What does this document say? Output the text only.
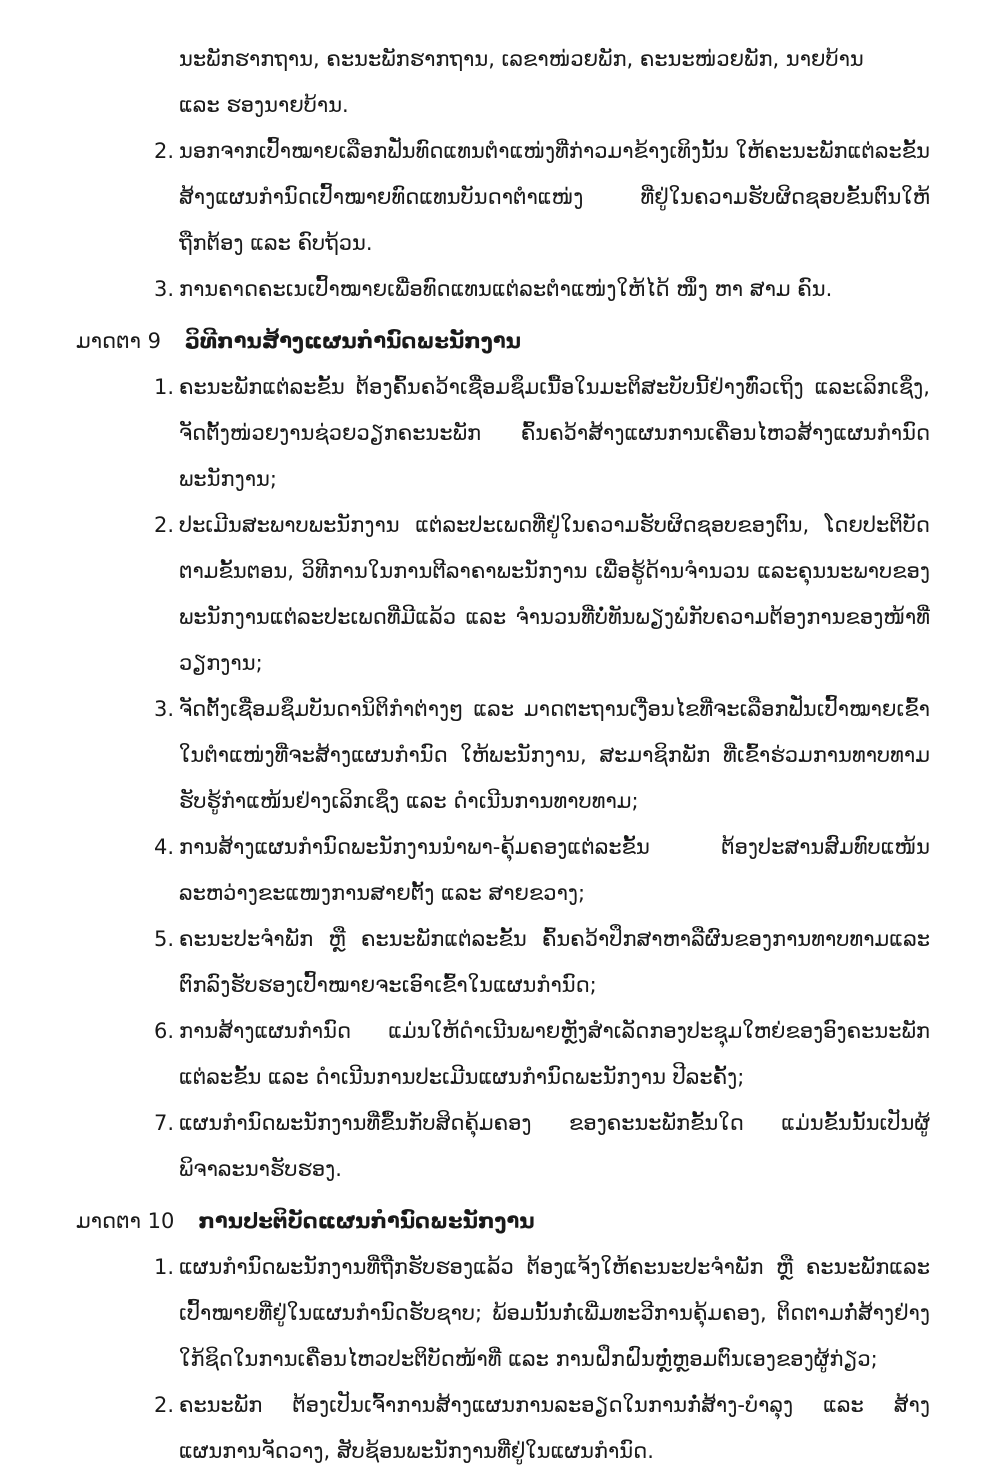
ນະພັກຮາກຖານ, ຄະນະພັກຮາກຖານ, ເລຂາໜ່ວຍພັກ, ຄະນະໜ່ວຍພັກ, ນາຍບ້ານ
ແລະ ຮອງນາຍບ້ານ.
2. ນອກຈາກເປົ້າໝາຍເລືອກຟັ່ນທົດແທນຕໍາແໜ່ງທີ່ກ່າວມາຂ້າງເທິງນັ້ນ ໃຫ້ຄະນະພັກແຕ່ລະຂັ້ນສ້າງແຜນກໍານົດເປົ້າໝາຍທົດແທນບັນດາຕໍາແໜ່ງ ທີ່ຢູ່ໃນຄວາມຮັບຜິດຊອບຂັ້ນຕົນໃຫ້ຖືກຕ້ອງ ແລະ ຄົບຖ້ວນ.
3. ການຄາດຄະເນເປົ້າໝາຍເພື່ອທົດແທນແຕ່ລະຕໍາແໜ່ງໃຫ້ໄດ້ ໜຶ່ງ ຫາ ສາມ ຄົນ.
ມາດຕາ 9	ວິທີການສ້າງແຜນກໍານົດພະນັກງານ
1. ຄະນະພັກແຕ່ລະຂັ້ນ ຕ້ອງຄົ້ນຄວ້າເຊື່ອມຊຶມເນື້ອໃນມະຕິສະບັບນີ້ຢ່າງທົ່ວເຖິງ ແລະເລິກເຊິ່ງ, ຈັດຕັ້ງໜ່ວຍງານຊ່ວຍວຽກຄະນະພັກ ຄົ້ນຄວ້າສ້າງແຜນການເຄື່ອນໄຫວສ້າງແຜນກໍານົດພະນັກງານ;
2. ປະເມີນສະພາບພະນັກງານ ແຕ່ລະປະເພດທີ່ຢູ່ໃນຄວາມຮັບຜິດຊອບຂອງຕົນ, ໂດຍປະຕິບັດຕາມຂັ້ນຕອນ, ວິທີການໃນການຕີລາຄາພະນັກງານ ເພື່ອຮູ້ດ້ານຈໍານວນ ແລະຄຸນນະພາບຂອງພະນັກງານແຕ່ລະປະເພດທີ່ມີແລ້ວ ແລະ ຈໍານວນທີ່ບໍ່ທັນພຽງພໍກັບຄວາມຕ້ອງການຂອງໜ້າທີ່ວຽກງານ;
3. ຈັດຕັ້ງເຊື່ອມຊຶມບັນດານິຕິກໍາຕ່າງໆ ແລະ ມາດຕະຖານເງື່ອນໄຂທີ່ຈະເລືອກຟັ່ນເປົ້າໝາຍເຂົ້າໃນຕໍາແໜ່ງທີ່ຈະສ້າງແຜນກໍານົດ ໃຫ້ພະນັກງານ, ສະມາຊິກພັກ ທີ່ເຂົ້າຮ່ວມການທາບທາມຮັບຮູ້ກໍາແໜ້ນຢ່າງເລິກເຊິ່ງ ແລະ ດໍາເນີນການທາບທາມ;
4. ການສ້າງແຜນກໍານົດພະນັກງານນໍາພາ-ຄຸ້ມຄອງແຕ່ລະຂັ້ນ ຕ້ອງປະສານສົມທົບແໜ້ນລະຫວ່າງຂະແໜງການສາຍຕັ້ງ ແລະ ສາຍຂວາງ;
5. ຄະນະປະຈໍາພັກ ຫຼື ຄະນະພັກແຕ່ລະຂັ້ນ ຄົ້ນຄວ້າປຶກສາຫາລືຜົນຂອງການທາບທາມແລະ ຕົກລົງຮັບຮອງເປົ້າໝາຍຈະເອົາເຂົ້າໃນແຜນກໍານົດ;
6. ການສ້າງແຜນກໍານົດ ແມ່ນໃຫ້ດໍາເນີນພາຍຫຼັງສໍາເລັດກອງປະຊຸມໃຫຍ່ຂອງອົງຄະນະພັກແຕ່ລະຂັ້ນ ແລະ ດໍາເນີນການປະເມີນແຜນກໍານົດພະນັກງານ ປີລະຄັ້ງ;
7. ແຜນກໍານົດພະນັກງານທີ່ຂຶ້ນກັບສິດຄຸ້ມຄອງ ຂອງຄະນະພັກຂັ້ນໃດ ແມ່ນຂັ້ນນັ້ນເປັນຜູ້ພິຈາລະນາຮັບຮອງ.
ມາດຕາ 10	ການປະຕິບັດແຜນກໍານົດພະນັກງານ
1. ແຜນກໍານົດພະນັກງານທີ່ຖືກຮັບຮອງແລ້ວ ຕ້ອງແຈ້ງໃຫ້ຄະນະປະຈໍາພັກ ຫຼື ຄະນະພັກແລະ ເປົ້າໝາຍທີ່ຢູ່ໃນແຜນກໍານົດຮັບຊາບ; ພ້ອມນັ້ນກໍ່ເພີ່ມທະວີການຄຸ້ມຄອງ, ຕິດຕາມກໍ່ສ້າງຢ່າງໃກ້ຊິດໃນການເຄື່ອນໄຫວປະຕິບັດໜ້າທີ່ ແລະ ການຝຶກຝົນຫຼໍ່ຫຼອມຕົນເອງຂອງຜູ້ກ່ຽວ;
2. ຄະນະພັກ ຕ້ອງເປັນເຈົ້າການສ້າງແຜນການລະອຽດໃນການກໍ່ສ້າງ-ບໍາລຸງ ແລະ ສ້າງແຜນການຈັດວາງ, ສັບຊ້ອນພະນັກງານທີ່ຢູ່ໃນແຜນກໍານົດ.
